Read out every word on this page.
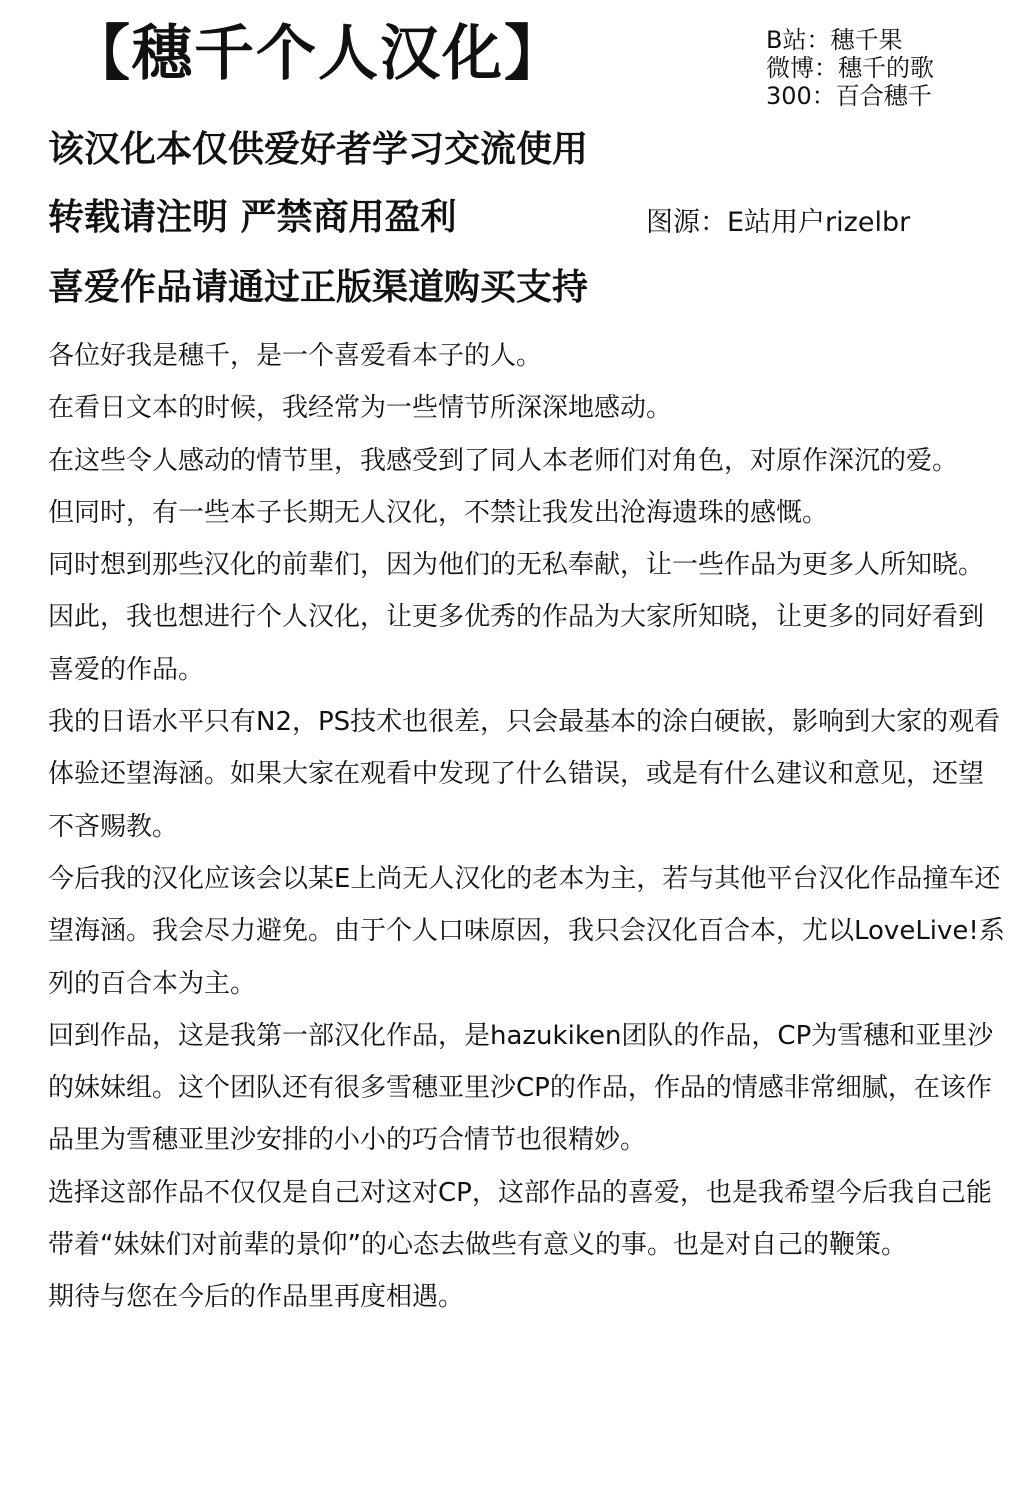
【穗千个人汉化】	B站：穗千果
微博：穗千的歌
300：百合穗千
该汉化本仅供爱好者学习交流使用
转载请注明 严禁商用盈利	图源：E站用户rizelbr
喜爱作品请通过正版渠道购买支持

各位好我是穗千，是一个喜爱看本子的人。

在看日文本的时候，我经常为一些情节所深深地感动。

在这些令人感动的情节里，我感受到了同人本老师们对角色，对原作深沉的爱。

但同时，有一些本子长期无人汉化，不禁让我发出沧海遗珠的感慨。

同时想到那些汉化的前辈们，因为他们的无私奉献，让一些作品为更多人所知晓。

因此，我也想进行个人汉化，让更多优秀的作品为大家所知晓，让更多的同好看到喜爱的作品。

我的日语水平只有N2，PS技术也很差，只会最基本的涂白硬嵌，影响到大家的观看体验还望海涵。如果大家在观看中发现了什么错误，或是有什么建议和意见，还望不吝赐教。

今后我的汉化应该会以某E上尚无人汉化的老本为主，若与其他平台汉化作品撞车还望海涵。我会尽力避免。由于个人口味原因，我只会汉化百合本，尤以LoveLive!系列的百合本为主。

回到作品，这是我第一部汉化作品，是hazukiken团队的作品，CP为雪穗和亚里沙的妹妹组。这个团队还有很多雪穗亚里沙CP的作品，作品的情感非常细腻，在该作品里为雪穗亚里沙安排的小小的巧合情节也很精妙。

选择这部作品不仅仅是自己对这对CP，这部作品的喜爱，也是我希望今后我自己能带着“妹妹们对前辈的景仰”的心态去做些有意义的事。也是对自己的鞭策。

期待与您在今后的作品里再度相遇。
